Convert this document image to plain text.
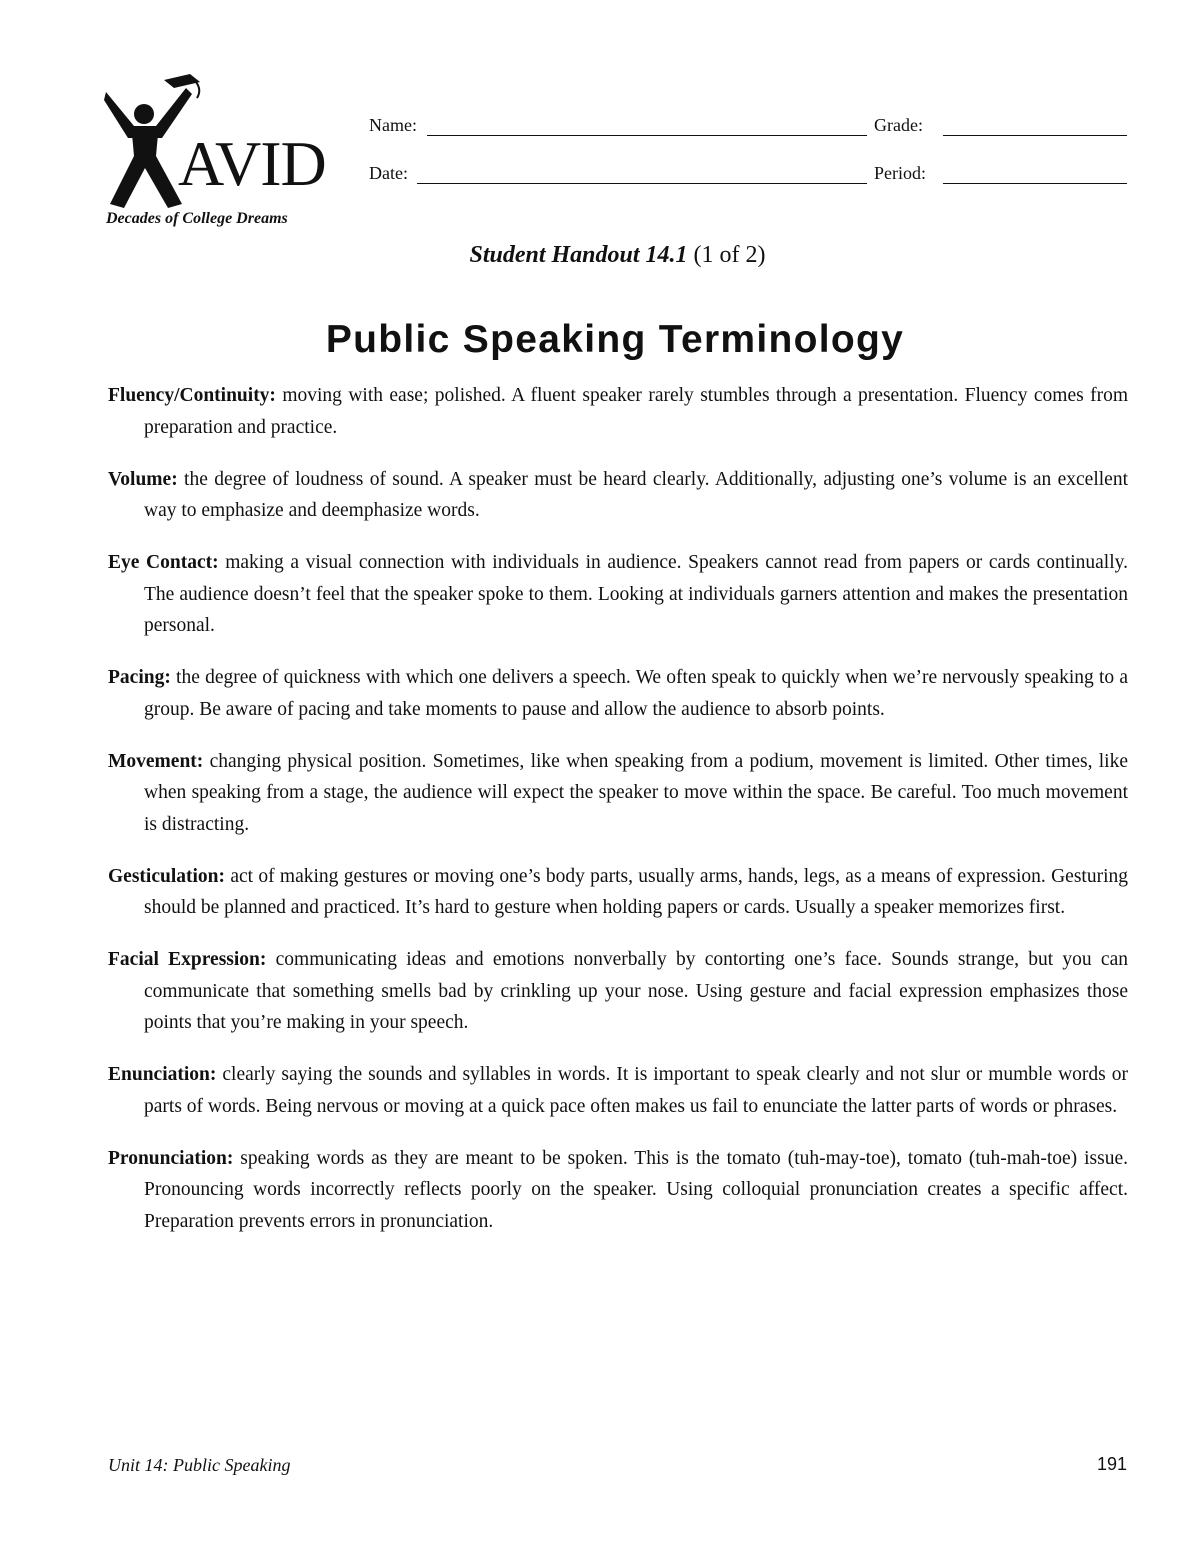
AVID
Decades of College Dreams
Name:	Grade:
Date:	Period:
Student Handout 14.1 (1 of 2)
Public Speaking Terminology

Fluency/Continuity: moving with ease; polished. A fluent speaker rarely stumbles through a presentation. Fluency comes from preparation and practice.

Volume: the degree of loudness of sound. A speaker must be heard clearly. Additionally, adjusting one’s volume is an excellent way to emphasize and deemphasize words.

Eye Contact: making a visual connection with individuals in audience. Speakers cannot read from papers or cards continually. The audience doesn’t feel that the speaker spoke to them. Looking at individuals garners attention and makes the presentation personal.

Pacing: the degree of quickness with which one delivers a speech. We often speak to quickly when we’re nervously speaking to a group. Be aware of pacing and take moments to pause and allow the audience to absorb points.

Movement: changing physical position. Sometimes, like when speaking from a podium, movement is limited. Other times, like when speaking from a stage, the audience will expect the speaker to move within the space. Be careful. Too much movement is distracting.

Gesticulation: act of making gestures or moving one’s body parts, usually arms, hands, legs, as a means of expression. Gesturing should be planned and practiced. It’s hard to gesture when holding papers or cards. Usually a speaker memorizes first.

Facial Expression: communicating ideas and emotions nonverbally by contorting one’s face. Sounds strange, but you can communicate that something smells bad by crinkling up your nose. Using gesture and facial expression emphasizes those points that you’re making in your speech.

Enunciation: clearly saying the sounds and syllables in words. It is important to speak clearly and not slur or mumble words or parts of words. Being nervous or moving at a quick pace often makes us fail to enunciate the latter parts of words or phrases.

Pronunciation: speaking words as they are meant to be spoken. This is the tomato (tuh-may-toe), tomato (tuh-mah-toe) issue. Pronouncing words incorrectly reflects poorly on the speaker. Using colloquial pronunciation creates a specific affect. Preparation prevents errors in pronunciation.

Unit 14: Public Speaking	191
